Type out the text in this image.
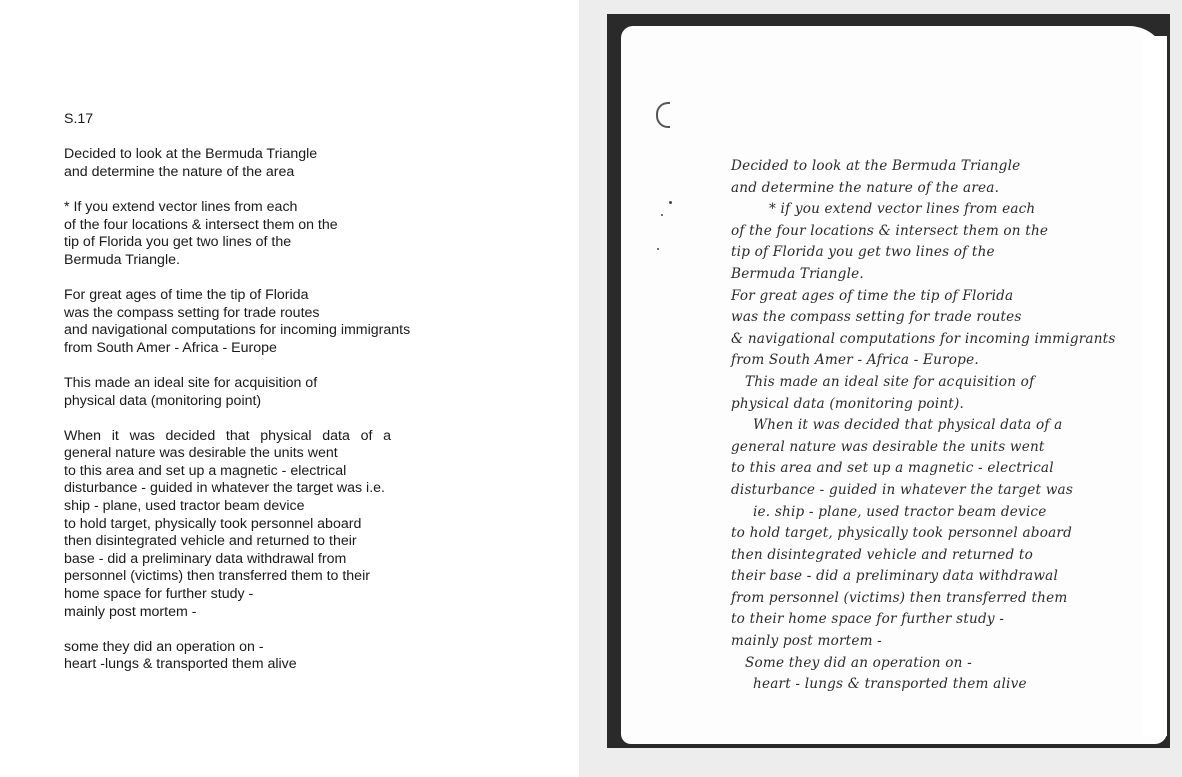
S.17

Decided to look at the Bermuda Triangle
and determine the nature of the area

* If you extend vector lines from each
of the four locations & intersect them on the
tip of Florida you get two lines of the
Bermuda Triangle.

For great ages of time the tip of Florida
was the compass setting for trade routes
and navigational computations for incoming immigrants
from South Amer - Africa - Europe

This made an ideal site for acquisition of
physical data (monitoring point)

When it was decided that physical data of a
general nature was desirable the units went
to this area and set up a magnetic - electrical
disturbance - guided in whatever the target was i.e.
ship - plane, used tractor beam device
to hold target, physically took personnel aboard
then disintegrated vehicle and returned to their
base - did a preliminary data withdrawal from
personnel (victims) then transferred them to their
home space for further study -
mainly post mortem -

some they did an operation on -
heart -lungs & transported them alive

Decided to look at the Bermuda Triangle
and determine the nature of the area.
* if you extend vector lines from each
of the four locations & intersect them on the
tip of Florida you get two lines of the
Bermuda Triangle.
For great ages of time the tip of Florida
was the compass setting for trade routes
& navigational computations for incoming immigrants
from South Amer - Africa - Europe.
This made an ideal site for acquisition of
physical data (monitoring point).
When it was decided that physical data of a
general nature was desirable the units went
to this area and set up a magnetic - electrical
disturbance - guided in whatever the target was
ie. ship - plane, used tractor beam device
to hold target, physically took personnel aboard
then disintegrated vehicle and returned to
their base - did a preliminary data withdrawal
from personnel (victims) then transferred them
to their home space for further study -
mainly post mortem -
Some they did an operation on -
heart - lungs & transported them alive
